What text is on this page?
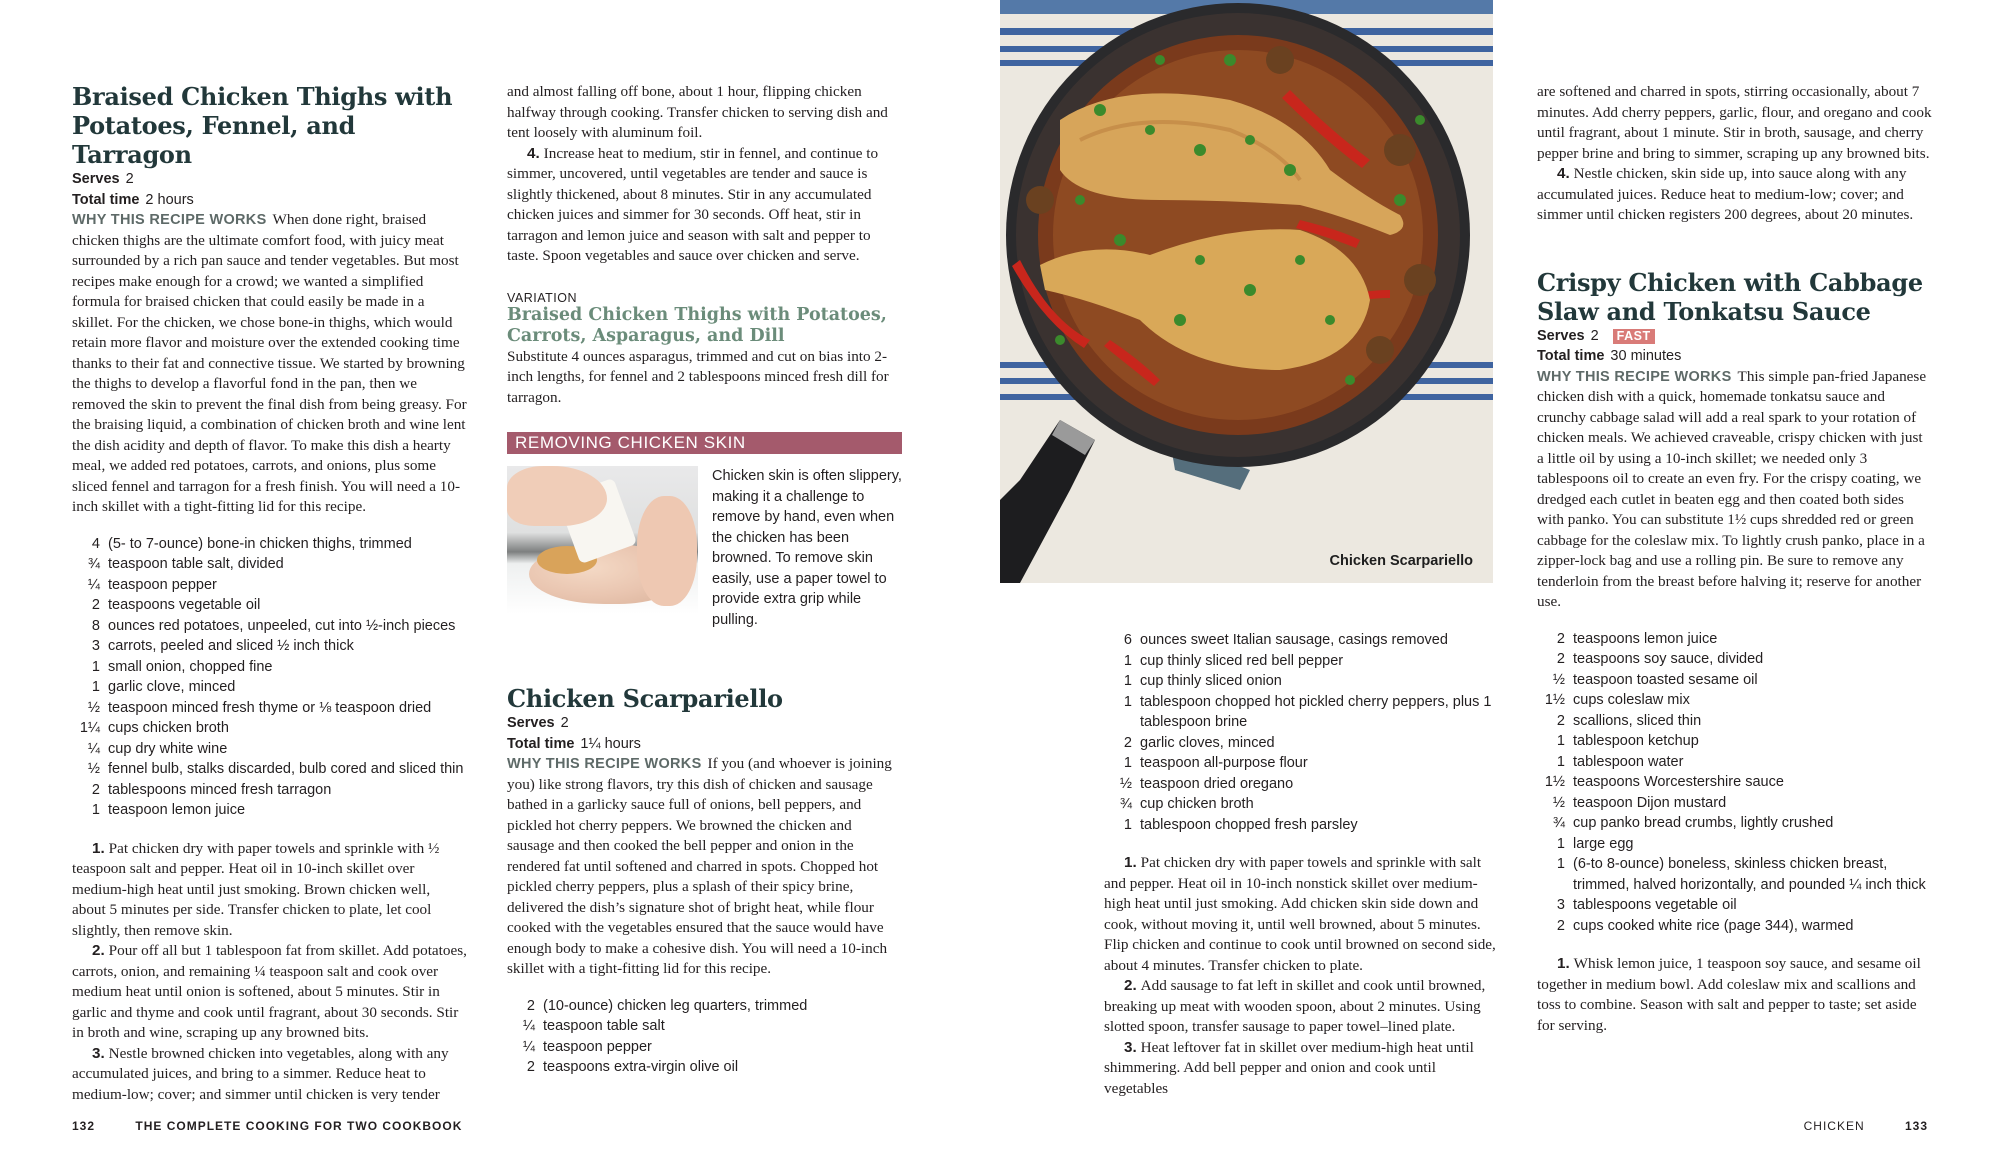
Braised Chicken Thighs with
Potatoes, Fennel, and Tarragon
Serves 2
Total time 2 hours

WHY THIS RECIPE WORKS When done right, braised chicken thighs are the ultimate comfort food, with juicy meat surrounded by a rich pan sauce and tender vegetables. But most recipes make enough for a crowd; we wanted a simplified formula for braised chicken that could easily be made in a skillet. For the chicken, we chose bone-in thighs, which would retain more flavor and moisture over the extended cooking time thanks to their fat and connective tissue. We started by browning the thighs to develop a flavorful fond in the pan, then we removed the skin to prevent the final dish from being greasy. For the braising liquid, a combination of chicken broth and wine lent the dish acidity and depth of flavor. To make this dish a hearty meal, we added red potatoes, carrots, and onions, plus some sliced fennel and tarragon for a fresh finish. You will need a 10-inch skillet with a tight-fitting lid for this recipe.

4 (5- to 7-ounce) bone-in chicken thighs, trimmed
¾ teaspoon table salt, divided
¼ teaspoon pepper
2 teaspoons vegetable oil
8 ounces red potatoes, unpeeled, cut into ½-inch pieces
3 carrots, peeled and sliced ½ inch thick
1 small onion, chopped fine
1 garlic clove, minced
½ teaspoon minced fresh thyme or ⅛ teaspoon dried
1¼ cups chicken broth
¼ cup dry white wine
½ fennel bulb, stalks discarded, bulb cored and sliced thin
2 tablespoons minced fresh tarragon
1 teaspoon lemon juice

1. Pat chicken dry with paper towels and sprinkle with ½ teaspoon salt and pepper. Heat oil in 10-inch skillet over medium-high heat until just smoking. Brown chicken well, about 5 minutes per side. Transfer chicken to plate, let cool slightly, then remove skin.

2. Pour off all but 1 tablespoon fat from skillet. Add potatoes, carrots, onion, and remaining ¼ teaspoon salt and cook over medium heat until onion is softened, about 5 minutes. Stir in garlic and thyme and cook until fragrant, about 30 seconds. Stir in broth and wine, scraping up any browned bits.

3. Nestle browned chicken into vegetables, along with any accumulated juices, and bring to a simmer. Reduce heat to medium-low; cover; and simmer until chicken is very tender

and almost falling off bone, about 1 hour, flipping chicken halfway through cooking. Transfer chicken to serving dish and tent loosely with aluminum foil.

4. Increase heat to medium, stir in fennel, and continue to simmer, uncovered, until vegetables are tender and sauce is slightly thickened, about 8 minutes. Stir in any accumulated chicken juices and simmer for 30 seconds. Off heat, stir in tarragon and lemon juice and season with salt and pepper to taste. Spoon vegetables and sauce over chicken and serve.

VARIATION
Braised Chicken Thighs with Potatoes, Carrots, Asparagus, and Dill

Substitute 4 ounces asparagus, trimmed and cut on bias into 2-inch lengths, for fennel and 2 tablespoons minced fresh dill for tarragon.

REMOVING CHICKEN SKIN

Chicken skin is often slippery, making it a challenge to remove by hand, even when the chicken has been browned. To remove skin easily, use a paper towel to provide extra grip while pulling.

Chicken Scarpariello
Serves 2
Total time 1¼ hours

WHY THIS RECIPE WORKS If you (and whoever is joining you) like strong flavors, try this dish of chicken and sausage bathed in a garlicky sauce full of onions, bell peppers, and pickled hot cherry peppers. We browned the chicken and sausage and then cooked the bell pepper and onion in the rendered fat until softened and charred in spots. Chopped hot pickled cherry peppers, plus a splash of their spicy brine, delivered the dish’s signature shot of bright heat, while flour cooked with the vegetables ensured that the sauce would have enough body to make a cohesive dish. You will need a 10-inch skillet with a tight-fitting lid for this recipe.

2 (10-ounce) chicken leg quarters, trimmed
¼ teaspoon table salt
¼ teaspoon pepper
2 teaspoons extra-virgin olive oil
132	THE COMPLETE COOKING FOR TWO COOKBOOK
Chicken Scarpariello
6 ounces sweet Italian sausage, casings removed
1 cup thinly sliced red bell pepper
1 cup thinly sliced onion
1 tablespoon chopped hot pickled cherry peppers, plus 1 tablespoon brine
2 garlic cloves, minced
1 teaspoon all-purpose flour
½ teaspoon dried oregano
¾ cup chicken broth
1 tablespoon chopped fresh parsley

1. Pat chicken dry with paper towels and sprinkle with salt and pepper. Heat oil in 10-inch nonstick skillet over medium-high heat until just smoking. Add chicken skin side down and cook, without moving it, until well browned, about 5 minutes. Flip chicken and continue to cook until browned on second side, about 4 minutes. Transfer chicken to plate.

2. Add sausage to fat left in skillet and cook until browned, breaking up meat with wooden spoon, about 2 minutes. Using slotted spoon, transfer sausage to paper towel–lined plate.

3. Heat leftover fat in skillet over medium-high heat until shimmering. Add bell pepper and onion and cook until vegetables

are softened and charred in spots, stirring occasionally, about 7 minutes. Add cherry peppers, garlic, flour, and oregano and cook until fragrant, about 1 minute. Stir in broth, sausage, and cherry pepper brine and bring to simmer, scraping up any browned bits.

4. Nestle chicken, skin side up, into sauce along with any accumulated juices. Reduce heat to medium-low; cover; and simmer until chicken registers 200 degrees, about 20 minutes.

Crispy Chicken with Cabbage
Slaw and Tonkatsu Sauce
Serves 2 FAST
Total time 30 minutes

WHY THIS RECIPE WORKS This simple pan-fried Japanese chicken dish with a quick, homemade tonkatsu sauce and crunchy cabbage salad will add a real spark to your rotation of chicken meals. We achieved craveable, crispy chicken with just a little oil by using a 10-inch skillet; we needed only 3 tablespoons oil to create an even fry. For the crispy coating, we dredged each cutlet in beaten egg and then coated both sides with panko. You can substitute 1½ cups shredded red or green cabbage for the coleslaw mix. To lightly crush panko, place in a zipper-lock bag and use a rolling pin. Be sure to remove any tenderloin from the breast before halving it; reserve for another use.

2 teaspoons lemon juice
2 teaspoons soy sauce, divided
½ teaspoon toasted sesame oil
1½ cups coleslaw mix
2 scallions, sliced thin
1 tablespoon ketchup
1 tablespoon water
1½ teaspoons Worcestershire sauce
½ teaspoon Dijon mustard
¾ cup panko bread crumbs, lightly crushed
1 large egg
1 (6-to 8-ounce) boneless, skinless chicken breast, trimmed, halved horizontally, and pounded ¼ inch thick
3 tablespoons vegetable oil
2 cups cooked white rice (page 344), warmed

1. Whisk lemon juice, 1 teaspoon soy sauce, and sesame oil together in medium bowl. Add coleslaw mix and scallions and toss to combine. Season with salt and pepper to taste; set aside for serving.

CHICKEN	133
